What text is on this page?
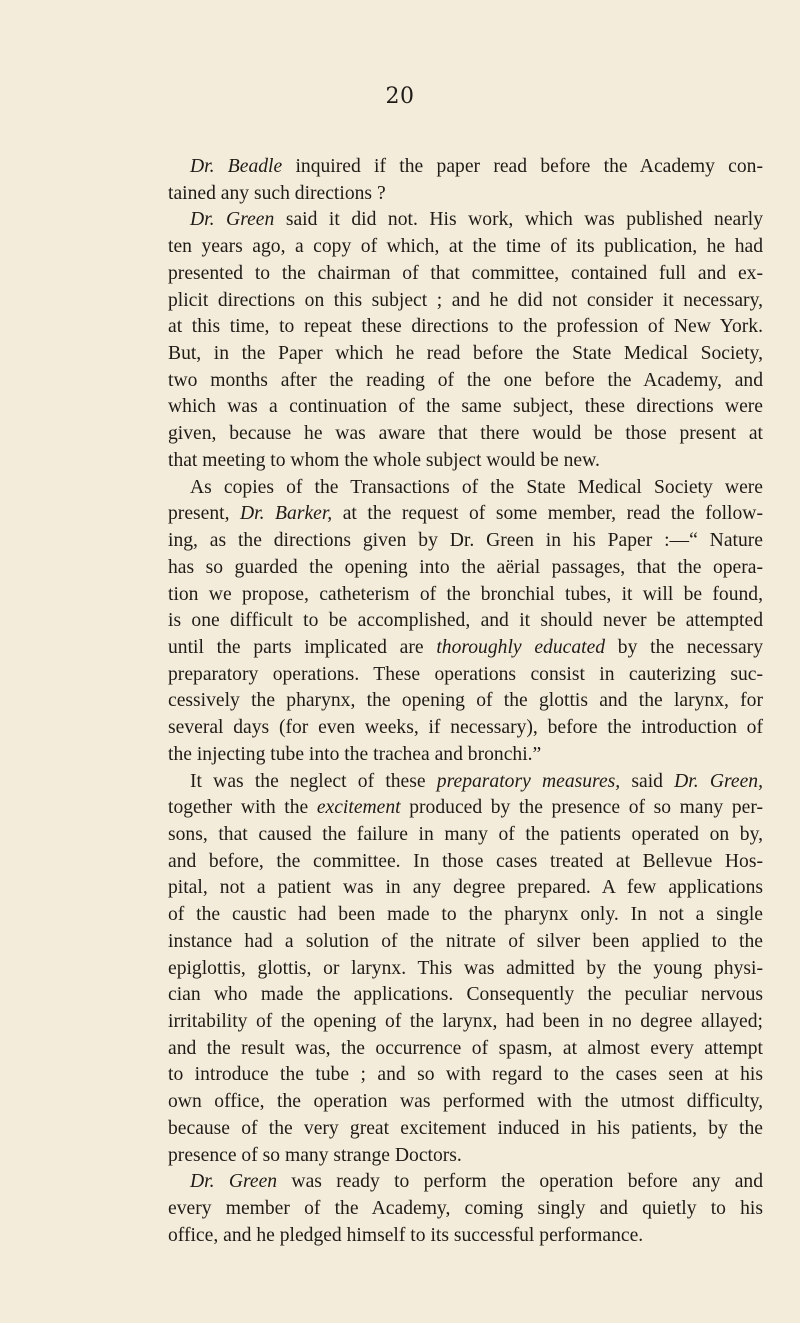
20
Dr. Beadle inquired if the paper read before the Academy con-
tained any such directions ?
Dr. Green said it did not. His work, which was published nearly
ten years ago, a copy of which, at the time of its publication, he had
presented to the chairman of that committee, contained full and ex-
plicit directions on this subject ; and he did not consider it necessary,
at this time, to repeat these directions to the profession of New York.
But, in the Paper which he read before the State Medical Society,
two months after the reading of the one before the Academy, and
which was a continuation of the same subject, these directions were
given, because he was aware that there would be those present at
that meeting to whom the whole subject would be new.
As copies of the Transactions of the State Medical Society were
present, Dr. Barker, at the request of some member, read the follow-
ing, as the directions given by Dr. Green in his Paper :—“ Nature
has so guarded the opening into the aërial passages, that the opera-
tion we propose, catheterism of the bronchial tubes, it will be found,
is one difficult to be accomplished, and it should never be attempted
until the parts implicated are thoroughly educated by the necessary
preparatory operations. These operations consist in cauterizing suc-
cessively the pharynx, the opening of the glottis and the larynx, for
several days (for even weeks, if necessary), before the introduction of
the injecting tube into the trachea and bronchi.”
It was the neglect of these preparatory measures, said Dr. Green,
together with the excitement produced by the presence of so many per-
sons, that caused the failure in many of the patients operated on by,
and before, the committee. In those cases treated at Bellevue Hos-
pital, not a patient was in any degree prepared. A few applications
of the caustic had been made to the pharynx only. In not a single
instance had a solution of the nitrate of silver been applied to the
epiglottis, glottis, or larynx. This was admitted by the young physi-
cian who made the applications. Consequently the peculiar nervous
irritability of the opening of the larynx, had been in no degree allayed;
and the result was, the occurrence of spasm, at almost every attempt
to introduce the tube ; and so with regard to the cases seen at his
own office, the operation was performed with the utmost difficulty,
because of the very great excitement induced in his patients, by the
presence of so many strange Doctors.
Dr. Green was ready to perform the operation before any and
every member of the Academy, coming singly and quietly to his
office, and he pledged himself to its successful performance.
